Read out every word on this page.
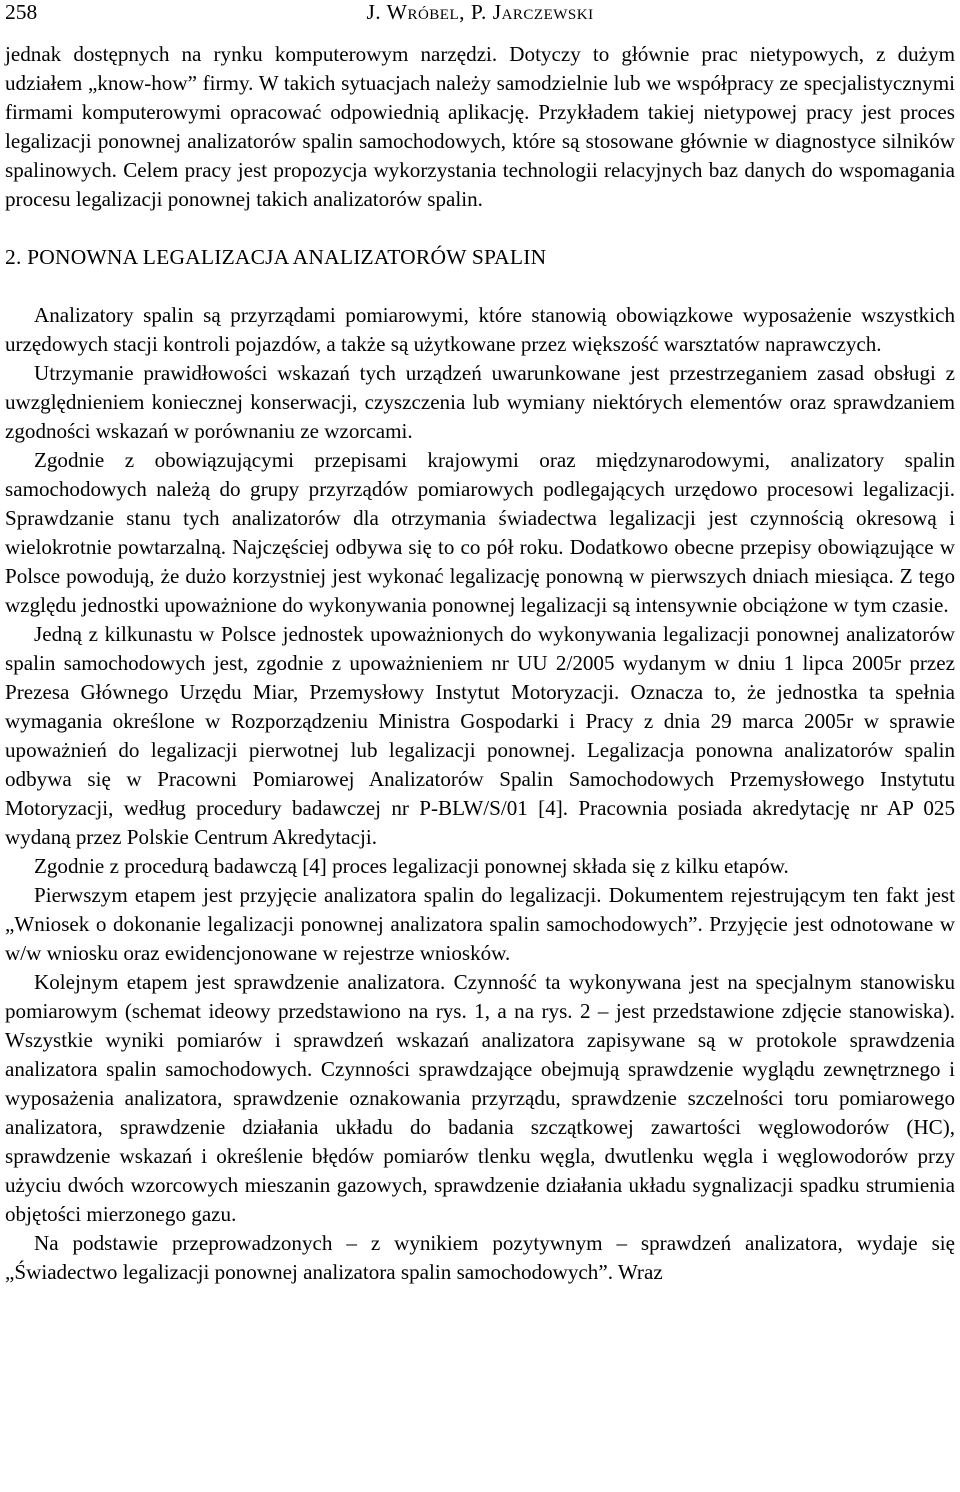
258	J. Wróbel, P. Jarczewski

jednak dostępnych na rynku komputerowym narzędzi. Dotyczy to głównie prac nietypowych, z dużym udziałem „know-how” firmy. W takich sytuacjach należy samodzielnie lub we współpracy ze specjalistycznymi firmami komputerowymi opracować odpowiednią aplikację. Przykładem takiej nietypowej pracy jest proces legalizacji ponownej analizatorów spalin samochodowych, które są stosowane głównie w diagnostyce silników spalinowych. Celem pracy jest propozycja wykorzystania technologii relacyjnych baz danych do wspomagania procesu legalizacji ponownej takich analizatorów spalin.

2. PONOWNA LEGALIZACJA ANALIZATORÓW SPALIN

Analizatory spalin są przyrządami pomiarowymi, które stanowią obowiązkowe wyposażenie wszystkich urzędowych stacji kontroli pojazdów, a także są użytkowane przez większość warsztatów naprawczych.

Utrzymanie prawidłowości wskazań tych urządzeń uwarunkowane jest przestrzeganiem zasad obsługi z uwzględnieniem koniecznej konserwacji, czyszczenia lub wymiany niektórych elementów oraz sprawdzaniem zgodności wskazań w porównaniu ze wzorcami.

Zgodnie z obowiązującymi przepisami krajowymi oraz międzynarodowymi, analizatory spalin samochodowych należą do grupy przyrządów pomiarowych podlegających urzędowo procesowi legalizacji. Sprawdzanie stanu tych analizatorów dla otrzymania świadectwa legalizacji jest czynnością okresową i wielokrotnie powtarzalną. Najczęściej odbywa się to co pół roku. Dodatkowo obecne przepisy obowiązujące w Polsce powodują, że dużo korzystniej jest wykonać legalizację ponowną w pierwszych dniach miesiąca. Z tego względu jednostki upoważnione do wykonywania ponownej legalizacji są intensywnie obciążone w tym czasie.

Jedną z kilkunastu w Polsce jednostek upoważnionych do wykonywania legalizacji ponownej analizatorów spalin samochodowych jest, zgodnie z upoważnieniem nr UU 2/2005 wydanym w dniu 1 lipca 2005r przez Prezesa Głównego Urzędu Miar, Przemysłowy Instytut Motoryzacji. Oznacza to, że jednostka ta spełnia wymagania określone w Rozporządzeniu Ministra Gospodarki i Pracy z dnia 29 marca 2005r w sprawie upoważnień do legalizacji pierwotnej lub legalizacji ponownej. Legalizacja ponowna analizatorów spalin odbywa się w Pracowni Pomiarowej Analizatorów Spalin Samochodowych Przemysłowego Instytutu Motoryzacji, według procedury badawczej nr P-BLW/S/01 [4]. Pracownia posiada akredytację nr AP 025 wydaną przez Polskie Centrum Akredytacji.

Zgodnie z procedurą badawczą [4] proces legalizacji ponownej składa się z kilku etapów.

Pierwszym etapem jest przyjęcie analizatora spalin do legalizacji. Dokumentem rejestrującym ten fakt jest „Wniosek o dokonanie legalizacji ponownej analizatora spalin samochodowych”. Przyjęcie jest odnotowane w w/w wniosku oraz ewidencjonowane w rejestrze wniosków.

Kolejnym etapem jest sprawdzenie analizatora. Czynność ta wykonywana jest na specjalnym stanowisku pomiarowym (schemat ideowy przedstawiono na rys. 1, a na rys. 2 – jest przedstawione zdjęcie stanowiska). Wszystkie wyniki pomiarów i sprawdzeń wskazań analizatora zapisywane są w protokole sprawdzenia analizatora spalin samochodowych. Czynności sprawdzające obejmują sprawdzenie wyglądu zewnętrznego i wyposażenia analizatora, sprawdzenie oznakowania przyrządu, sprawdzenie szczelności toru pomiarowego analizatora, sprawdzenie działania układu do badania szczątkowej zawartości węglowodorów (HC), sprawdzenie wskazań i określenie błędów pomiarów tlenku węgla, dwutlenku węgla i węglowodorów przy użyciu dwóch wzorcowych mieszanin gazowych, sprawdzenie działania układu sygnalizacji spadku strumienia objętości mierzonego gazu.

Na podstawie przeprowadzonych – z wynikiem pozytywnym – sprawdzeń analizatora, wydaje się „Świadectwo legalizacji ponownej analizatora spalin samochodowych”. Wraz
